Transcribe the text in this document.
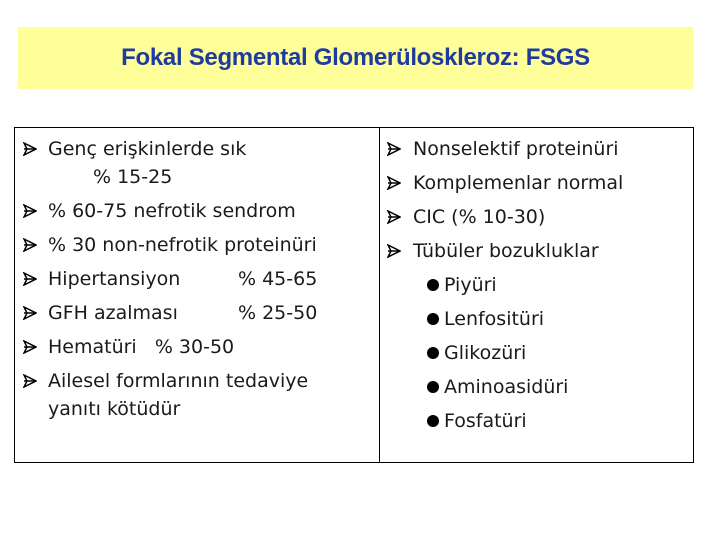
Fokal Segmental Glomerüloskleroz: FSGS
Genç erişkinlerde sık
% 15-25
% 60-75 nefrotik sendrom
% 30 non-nefrotik proteinüri
Hipertansiyon	% 45-65
GFH azalması	% 25-50
Hematüri   % 30-50
Ailesel formlarının tedaviye
yanıtı kötüdür
Nonselektif proteinüri
Komplemenlar normal
CIC (% 10-30)
Tübüler bozukluklar
Piyüri
Lenfositüri
Glikozüri
Aminoasidüri
Fosfatüri
